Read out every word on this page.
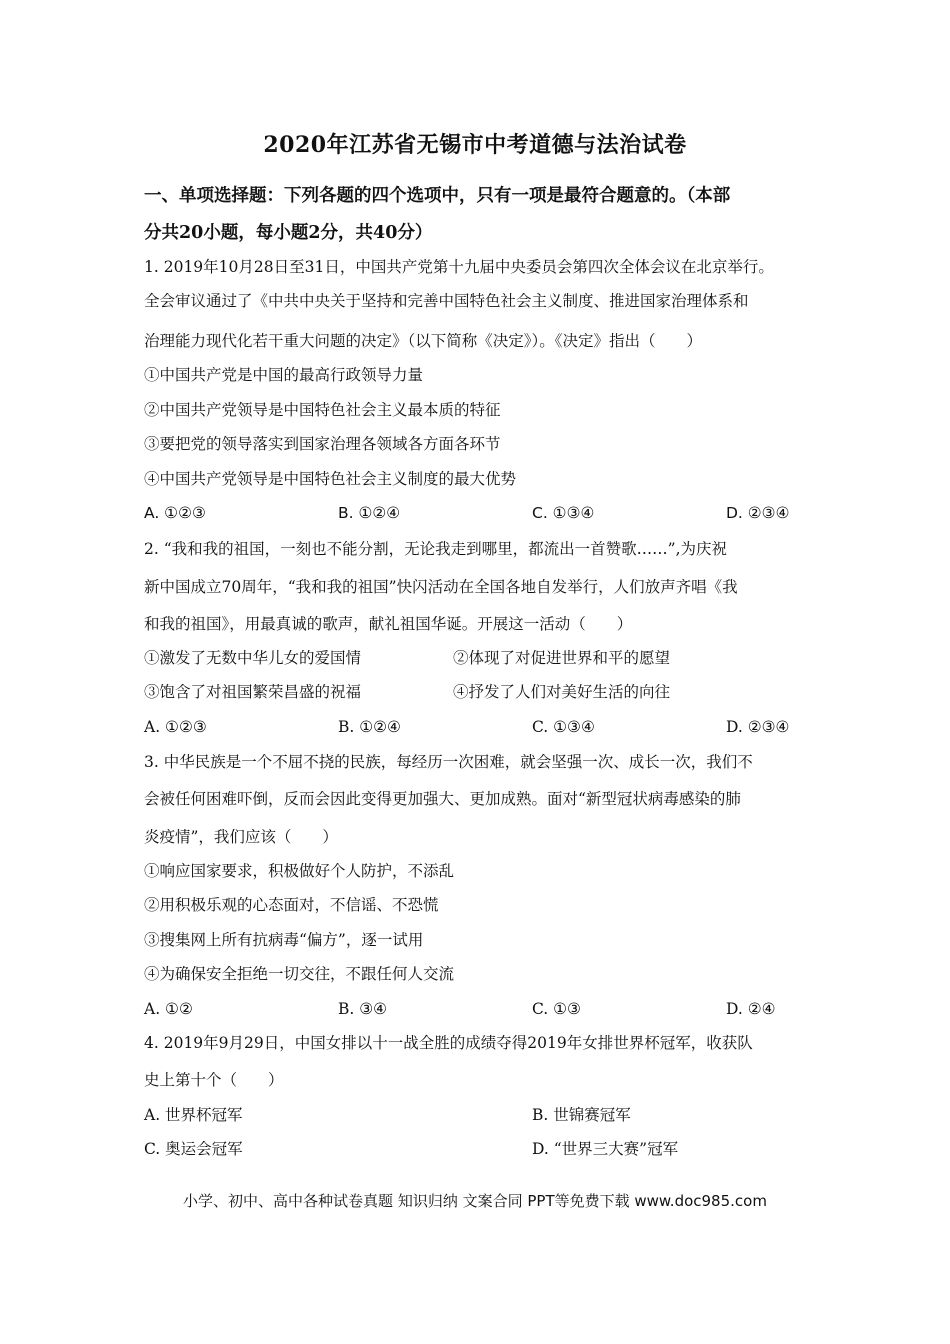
2020年江苏省无锡市中考道德与法治试卷
一、单项选择题：下列各题的四个选项中，只有一项是最符合题意的。（本部
分共20小题，每小题2分，共40分）
1. 2019年10月28日至31日，中国共产党第十九届中央委员会第四次全体会议在北京举行。
全会审议通过了《中共中央关于坚持和完善中国特色社会主义制度、推进国家治理体系和
治理能力现代化若干重大问题的决定》（以下简称《决定》）。《决定》指出（　　）
①中国共产党是中国的最高行政领导力量
②中国共产党领导是中国特色社会主义最本质的特征
③要把党的领导落实到国家治理各领域各方面各环节
④中国共产党领导是中国特色社会主义制度的最大优势
A. ①②③	B. ①②④	C. ①③④	D. ②③④
2. “我和我的祖国，一刻也不能分割，无论我走到哪里，都流出一首赞歌……”,为庆祝
新中国成立70周年，“我和我的祖国”快闪活动在全国各地自发举行，人们放声齐唱《我
和我的祖国》，用最真诚的歌声，献礼祖国华诞。开展这一活动（　　）
①激发了无数中华儿女的爱国情	②体现了对促进世界和平的愿望
③饱含了对祖国繁荣昌盛的祝福	④抒发了人们对美好生活的向往
A. ①②③	B. ①②④	C. ①③④	D. ②③④
3. 中华民族是一个不屈不挠的民族，每经历一次困难，就会坚强一次、成长一次，我们不
会被任何困难吓倒，反而会因此变得更加强大、更加成熟。面对“新型冠状病毒感染的肺
炎疫情”，我们应该（　　）
①响应国家要求，积极做好个人防护，不添乱
②用积极乐观的心态面对，不信谣、不恐慌
③搜集网上所有抗病毒“偏方”，逐一试用
④为确保安全拒绝一切交往，不跟任何人交流
A. ①②	B. ③④	C. ①③	D. ②④
4. 2019年9月29日，中国女排以十一战全胜的成绩夺得2019年女排世界杯冠军，收获队
史上第十个（　　）
A. 世界杯冠军	B. 世锦赛冠军
C. 奥运会冠军	D. “世界三大赛”冠军
小学、初中、高中各种试卷真题 知识归纳 文案合同 PPT等免费下载 www.doc985.com
